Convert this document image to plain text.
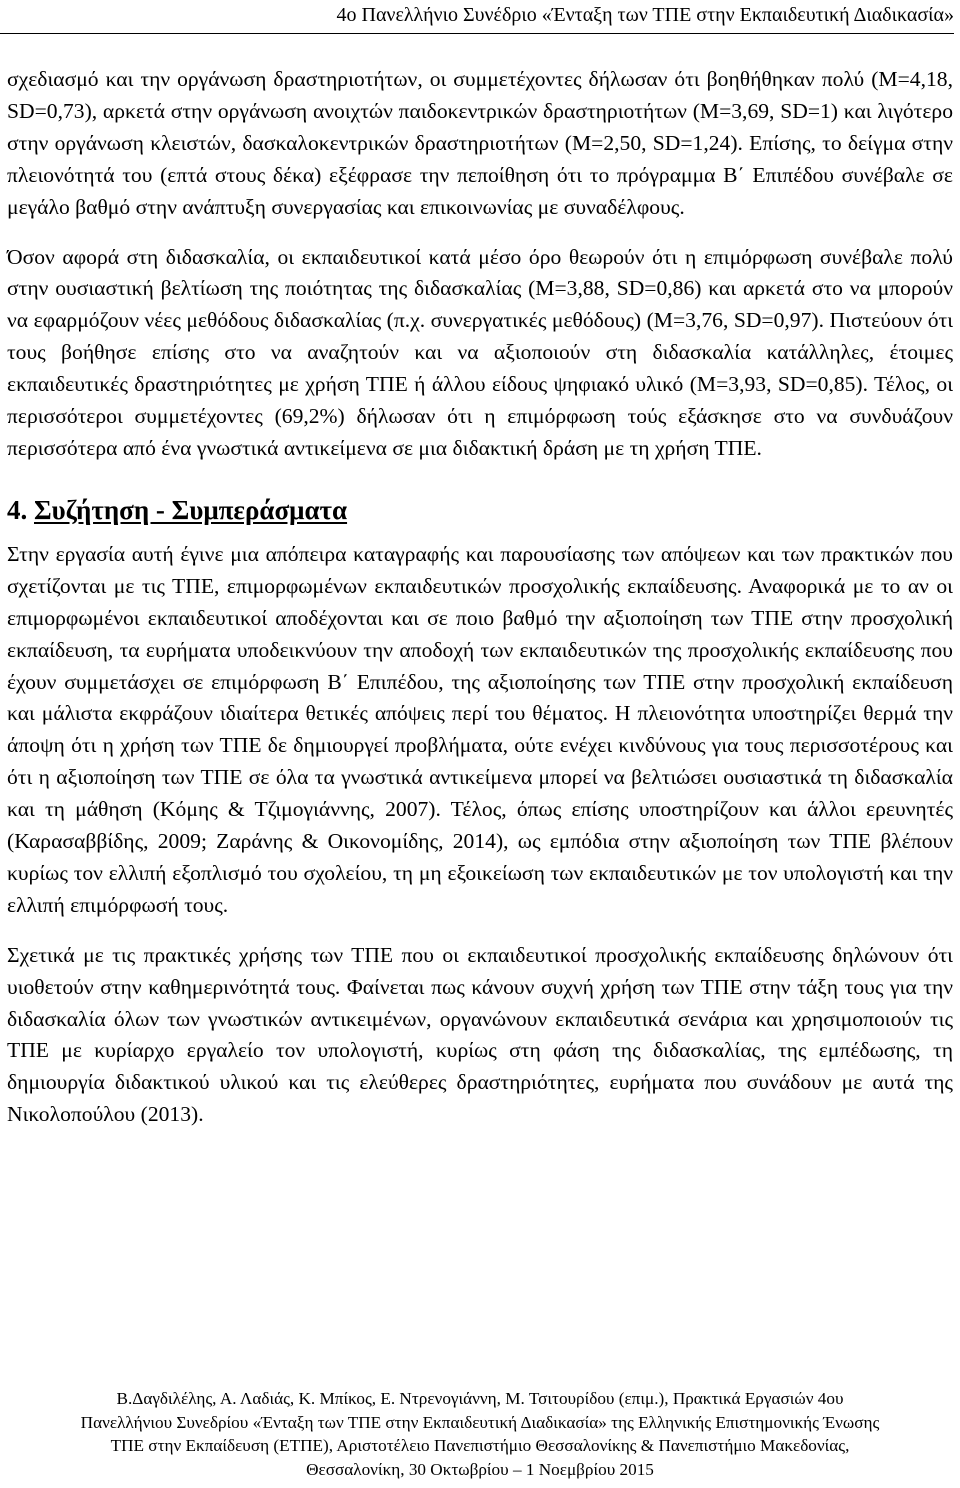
4ο Πανελλήνιο Συνέδριο «Ένταξη των ΤΠΕ στην Εκπαιδευτική Διαδικασία»

σχεδιασμό και την οργάνωση δραστηριοτήτων, οι συμμετέχοντες δήλωσαν ότι βοηθήθηκαν πολύ (Μ=4,18, SD=0,73), αρκετά στην οργάνωση ανοιχτών παιδοκεντρικών δραστηριοτήτων (M=3,69, SD=1) και λιγότερο στην οργάνωση κλειστών, δασκαλοκεντρικών δραστηριοτήτων (M=2,50, SD=1,24). Επίσης, το δείγμα στην πλειονότητά του (επτά στους δέκα) εξέφρασε την πεποίθηση ότι το πρόγραμμα Β΄ Επιπέδου συνέβαλε σε μεγάλο βαθμό στην ανάπτυξη συνεργασίας και επικοινωνίας με συναδέλφους.

Όσον αφορά στη διδασκαλία, οι εκπαιδευτικοί κατά μέσο όρο θεωρούν ότι η επιμόρφωση συνέβαλε πολύ στην ουσιαστική βελτίωση της ποιότητας της διδασκαλίας (M=3,88, SD=0,86) και αρκετά στο να μπορούν να εφαρμόζουν νέες μεθόδους διδασκαλίας (π.χ. συνεργατικές μεθόδους) (M=3,76, SD=0,97). Πιστεύουν ότι τους βοήθησε επίσης στο να αναζητούν και να αξιοποιούν στη διδασκαλία κατάλληλες, έτοιμες εκπαιδευτικές δραστηριότητες με χρήση ΤΠΕ ή άλλου είδους ψηφιακό υλικό (M=3,93, SD=0,85). Τέλος, οι περισσότεροι συμμετέχοντες (69,2%) δήλωσαν ότι η επιμόρφωση τούς εξάσκησε στο να συνδυάζουν περισσότερα από ένα γνωστικά αντικείμενα σε μια διδακτική δράση με τη χρήση ΤΠΕ.

4. Συζήτηση - Συμπεράσματα

Στην εργασία αυτή έγινε μια απόπειρα καταγραφής και παρουσίασης των απόψεων και των πρακτικών που σχετίζονται με τις ΤΠΕ, επιμορφωμένων εκπαιδευτικών προσχολικής εκπαίδευσης. Αναφορικά με το αν οι επιμορφωμένοι εκπαιδευτικοί αποδέχονται και σε ποιο βαθμό την αξιοποίηση των ΤΠΕ στην προσχολική εκπαίδευση, τα ευρήματα υποδεικνύουν την αποδοχή των εκπαιδευτικών της προσχολικής εκπαίδευσης που έχουν συμμετάσχει σε επιμόρφωση Β΄ Επιπέδου, της αξιοποίησης των ΤΠΕ στην προσχολική εκπαίδευση και μάλιστα εκφράζουν ιδιαίτερα θετικές απόψεις περί του θέματος. Η πλειονότητα υποστηρίζει θερμά την άποψη ότι η χρήση των ΤΠΕ δε δημιουργεί προβλήματα, ούτε ενέχει κινδύνους για τους περισσοτέρους και ότι η αξιοποίηση των ΤΠΕ σε όλα τα γνωστικά αντικείμενα μπορεί να βελτιώσει ουσιαστικά τη διδασκαλία και τη μάθηση (Κόμης & Τζιμογιάννης, 2007). Τέλος, όπως επίσης υποστηρίζουν και άλλοι ερευνητές (Καρασαββίδης, 2009; Ζαράνης & Οικονομίδης, 2014), ως εμπόδια στην αξιοποίηση των ΤΠΕ βλέπουν κυρίως τον ελλιπή εξοπλισμό του σχολείου, τη μη εξοικείωση των εκπαιδευτικών με τον υπολογιστή και την ελλιπή επιμόρφωσή τους.

Σχετικά με τις πρακτικές χρήσης των ΤΠΕ που οι εκπαιδευτικοί προσχολικής εκπαίδευσης δηλώνουν ότι υιοθετούν στην καθημερινότητά τους. Φαίνεται πως κάνουν συχνή χρήση των ΤΠΕ στην τάξη τους για την διδασκαλία όλων των γνωστικών αντικειμένων, οργανώνουν εκπαιδευτικά σενάρια και χρησιμοποιούν τις ΤΠΕ με κυρίαρχο εργαλείο τον υπολογιστή, κυρίως στη φάση της διδασκαλίας, της εμπέδωσης, τη δημιουργία διδακτικού υλικού και τις ελεύθερες δραστηριότητες, ευρήματα που συνάδουν με αυτά της Νικολοπούλου (2013).

Β.Δαγδιλέλης, Α. Λαδιάς, Κ. Μπίκος, Ε. Ντρενογιάννη, Μ. Τσιτουρίδου (επιμ.), Πρακτικά Εργασιών 4ου
Πανελλήνιου Συνεδρίου «Ένταξη των ΤΠΕ στην Εκπαιδευτική Διαδικασία» της Ελληνικής Επιστημονικής Ένωσης
ΤΠΕ στην Εκπαίδευση (ΕΤΠΕ), Αριστοτέλειο Πανεπιστήμιο Θεσσαλονίκης & Πανεπιστήμιο Μακεδονίας,
Θεσσαλονίκη, 30 Οκτωβρίου – 1 Νοεμβρίου 2015
